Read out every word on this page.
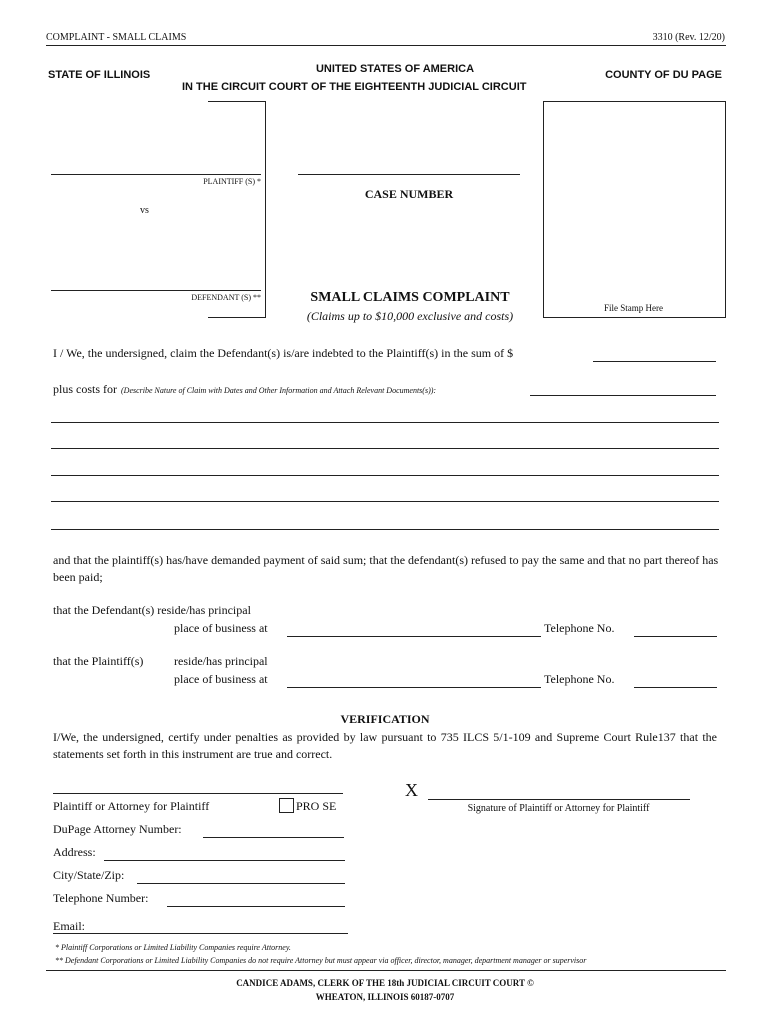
COMPLAINT - SMALL CLAIMS	3310 (Rev. 12/20)
STATE OF ILLINOIS	UNITED STATES OF AMERICA
IN THE CIRCUIT COURT OF THE EIGHTEENTH JUDICIAL CIRCUIT
COUNTY OF DU PAGE
PLAINTIFF (S) *
vs
DEFENDANT (S) **
CASE NUMBER
File Stamp Here
SMALL CLAIMS COMPLAINT
(Claims up to $10,000 exclusive and costs)
I / We, the undersigned, claim the Defendant(s) is/are indebted to the Plaintiff(s) in the sum of $
plus costs for (Describe Nature of Claim with Dates and Other Information and Attach Relevant Documents(s)):
and that the plaintiff(s) has/have demanded payment of said sum; that the defendant(s) refused to pay the same and that no part thereof has been paid;
that the Defendant(s) reside/has principal
place of business at	Telephone No.
that the Plaintiff(s)	reside/has principal
place of business at	Telephone No.
VERIFICATION
I/We, the undersigned, certify under penalties as provided by law pursuant to 735 ILCS 5/1-109 and Supreme Court Rule137 that the statements set forth in this instrument are true and correct.
X
Plaintiff or Attorney for Plaintiff	PRO SE	Signature of Plaintiff or Attorney for Plaintiff
DuPage Attorney Number:
Address:
City/State/Zip:
Telephone Number:
Email:
* Plaintiff Corporations or Limited Liability Companies require Attorney.
** Defendant Corporations or Limited Liability Companies do not require Attorney but must appear via officer, director, manager, department manager or supervisor
CANDICE ADAMS, CLERK OF THE 18th JUDICIAL CIRCUIT COURT ©
WHEATON, ILLINOIS 60187-0707
